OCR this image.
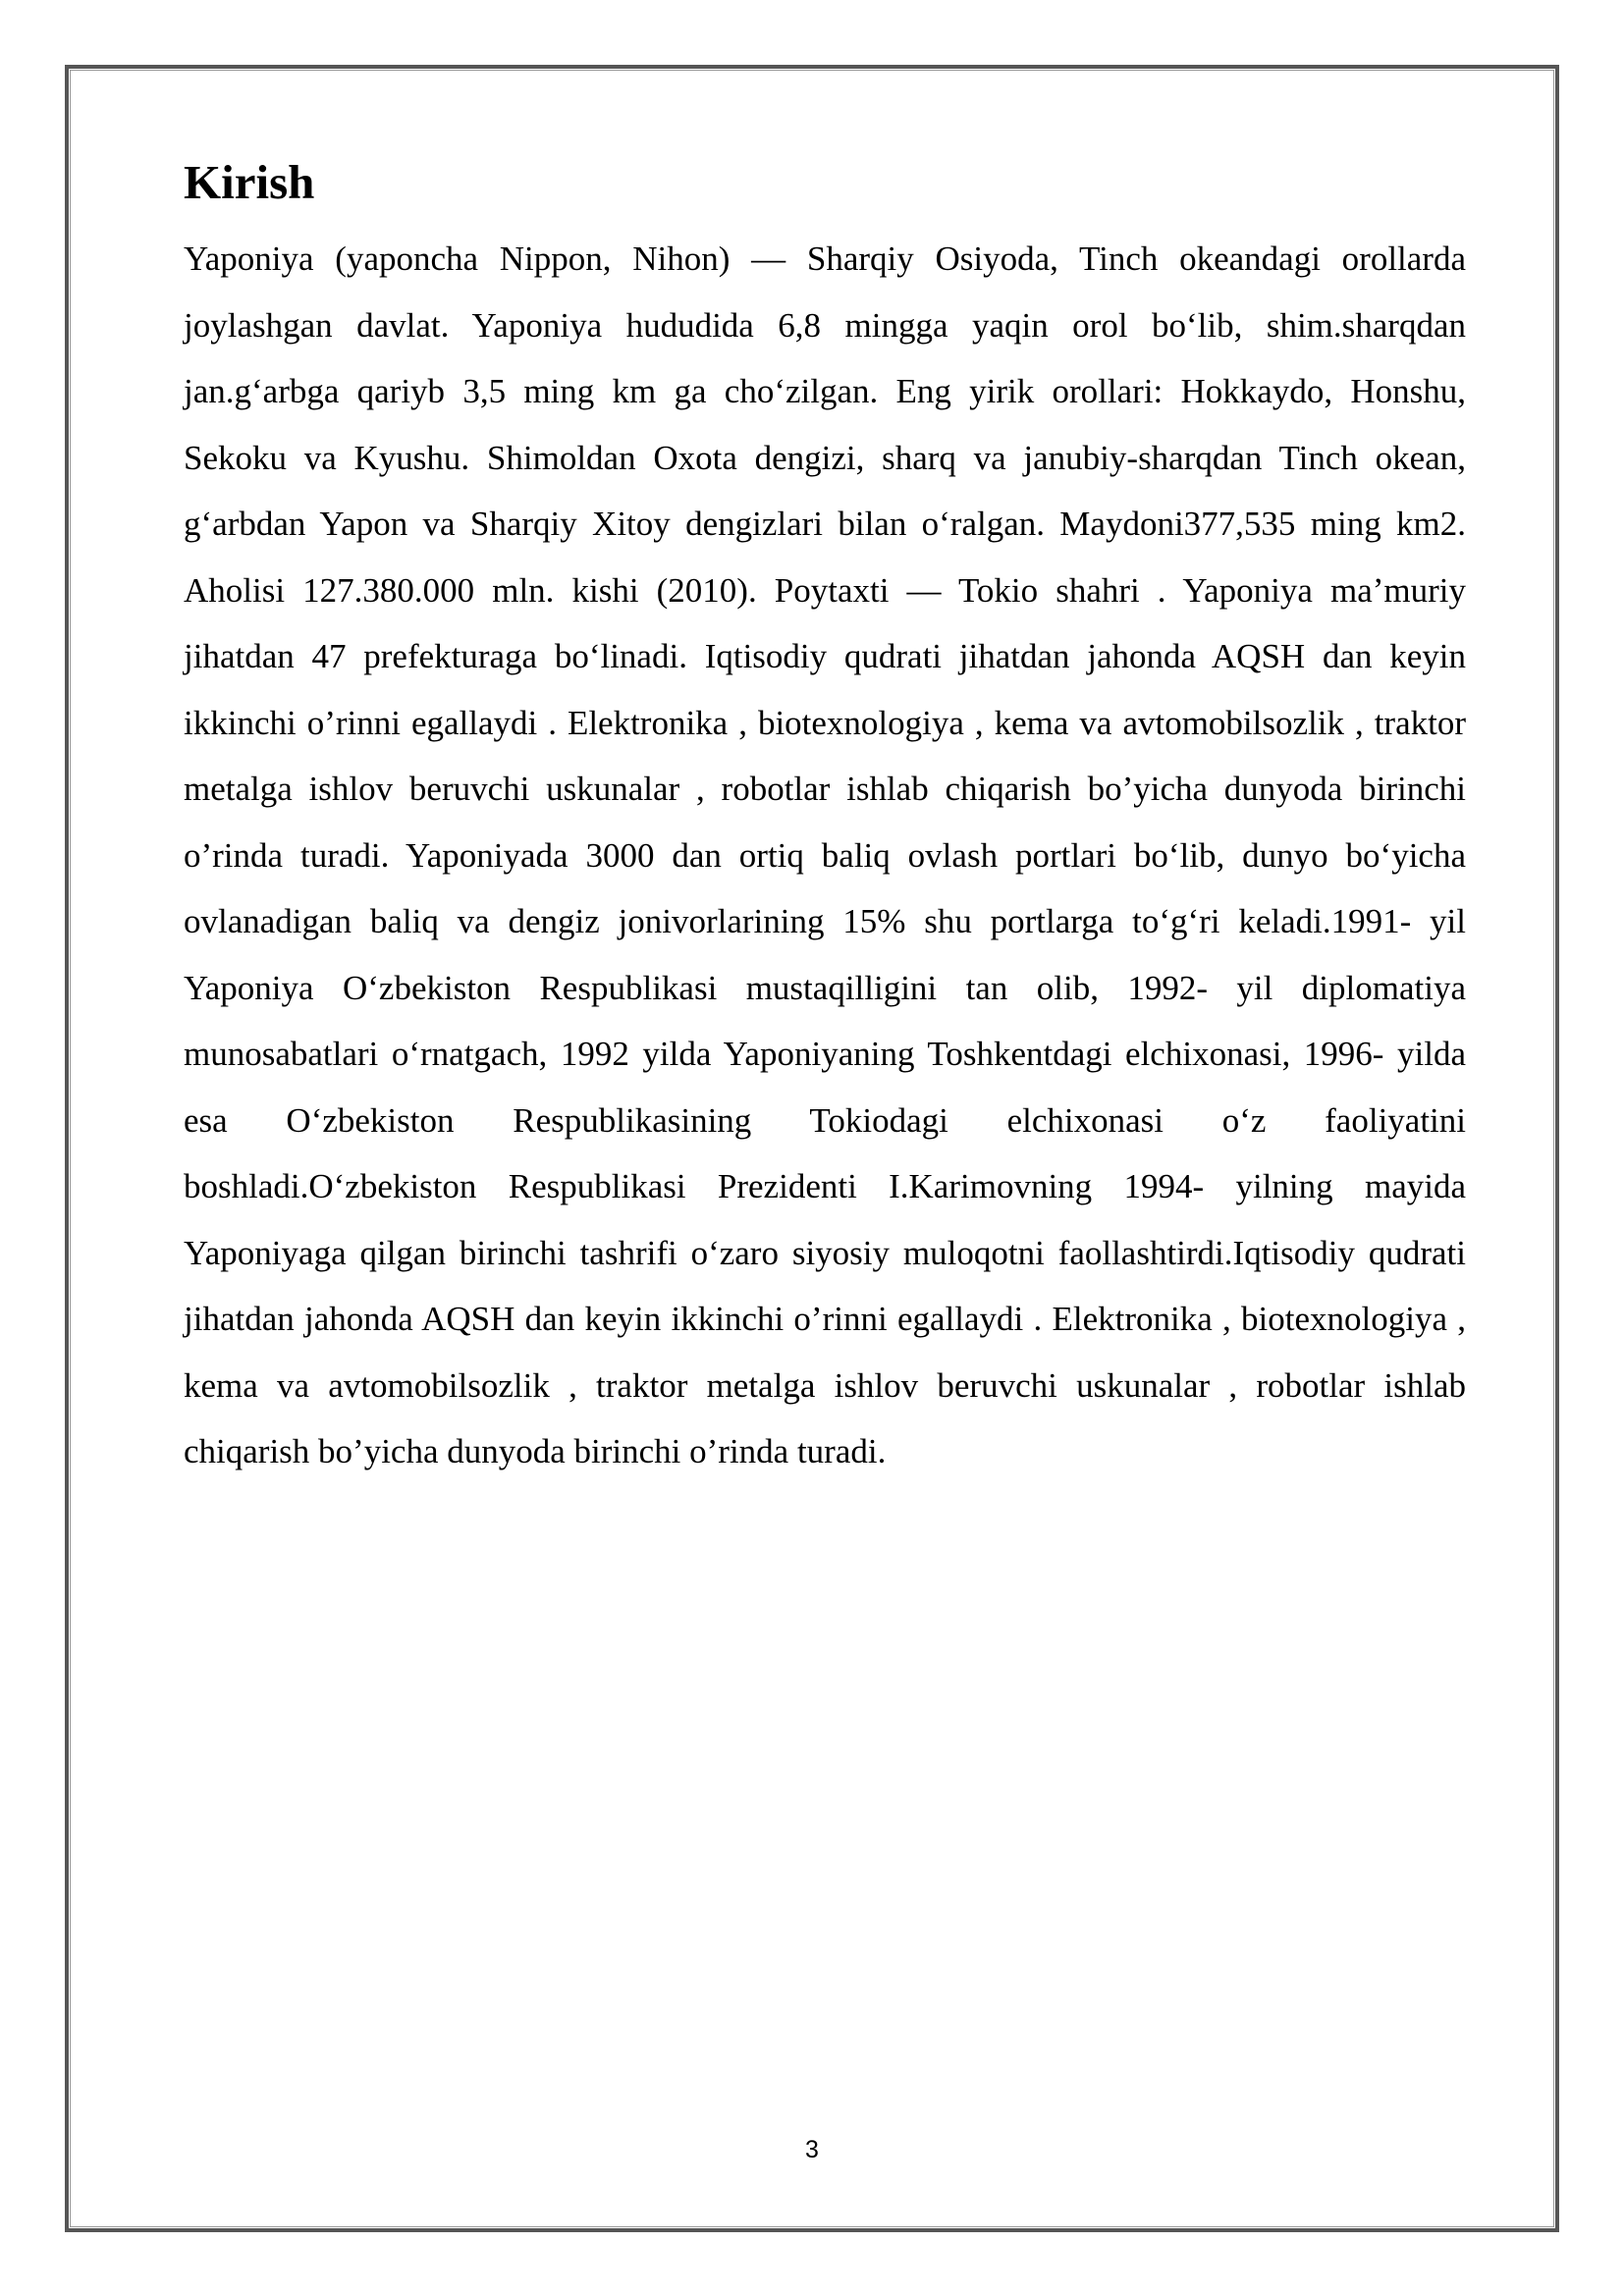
Kirish

Yaponiya (yaponcha Nippon, Nihon) — Sharqiy Osiyoda, Tinch okeandagi orollarda joylashgan davlat. Yaponiya hududida 6,8 mingga yaqin orol boʻlib, shim.sharqdan jan.gʻarbga qariyb 3,5 ming km ga choʻzilgan. Eng yirik orollari: Hokkaydo, Honshu, Sekoku va Kyushu. Shimoldan Oxota dengizi, sharq va janubiy-sharqdan Tinch okean, gʻarbdan Yapon va Sharqiy Xitoy dengizlari bilan oʻralgan. Maydoni377,535 ming km2. Aholisi 127.380.000 mln. kishi (2010). Poytaxti — Tokio shahri . Yaponiya maʼmuriy jihatdan 47 prefekturaga boʻlinadi. Iqtisodiy qudrati jihatdan jahonda AQSH dan keyin ikkinchi o’rinni egallaydi . Elektronika , biotexnologiya , kema va avtomobilsozlik , traktor metalga ishlov beruvchi uskunalar , robotlar ishlab chiqarish bo’yicha dunyoda birinchi o’rinda turadi. Yaponiyada 3000 dan ortiq baliq ovlash portlari boʻlib, dunyo boʻyicha ovlanadigan baliq va dengiz jonivorlarining 15% shu portlarga toʻgʻri keladi.1991- yil Yaponiya Oʻzbekiston Respublikasi mustaqilligini tan olib, 1992- yil diplomatiya munosabatlari oʻrnatgach, 1992 yilda Yaponiyaning Toshkentdagi elchixonasi, 1996- yilda esa Oʻzbekiston Respublikasining Tokiodagi elchixonasi oʻz faoliyatini boshladi.Oʻzbekiston Respublikasi Prezidenti I.Karimovning 1994- yilning mayida Yaponiyaga qilgan birinchi tashrifi oʻzaro siyosiy muloqotni faollashtirdi.Iqtisodiy qudrati jihatdan jahonda AQSH dan keyin ikkinchi o’rinni egallaydi . Elektronika , biotexnologiya , kema va avtomobilsozlik , traktor metalga ishlov beruvchi uskunalar , robotlar ishlab chiqarish bo’yicha dunyoda birinchi o’rinda turadi.

3
